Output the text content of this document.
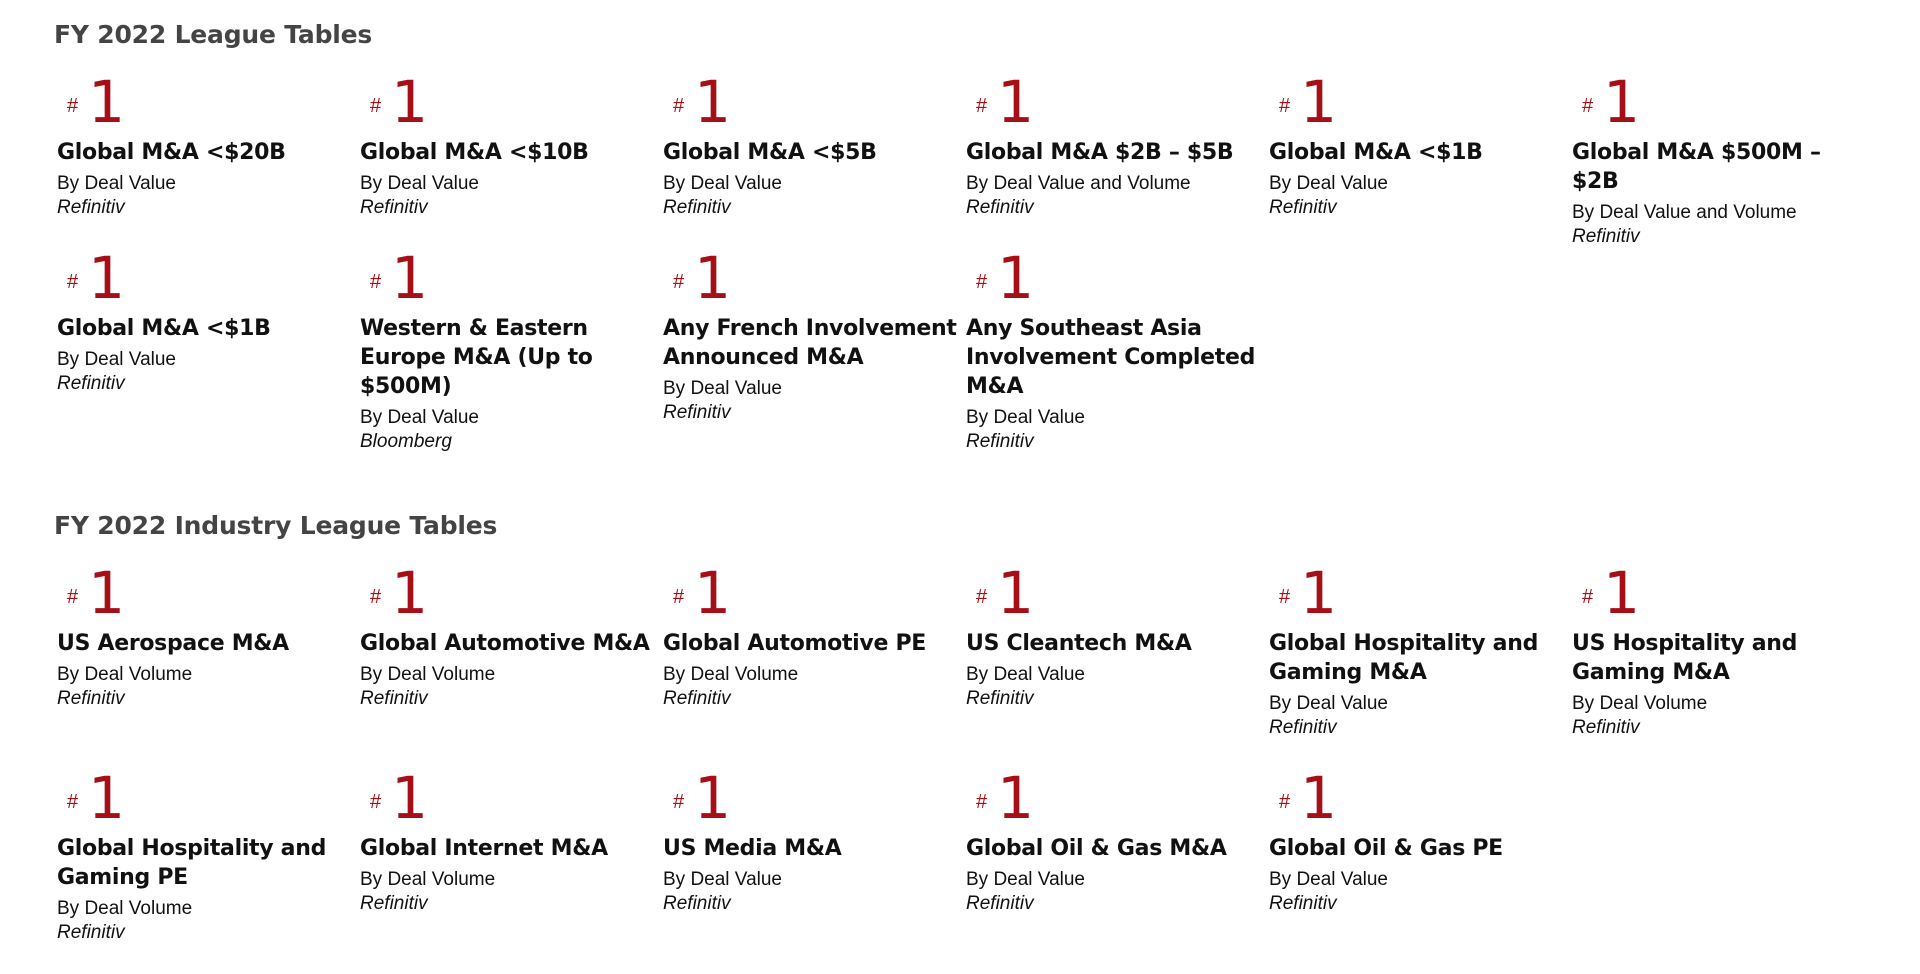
FY 2022 League Tables
# 1
Global M&A <$20B
By Deal Value
Refinitiv
# 1
Global M&A <$10B
By Deal Value
Refinitiv
# 1
Global M&A <$5B
By Deal Value
Refinitiv
# 1
Global M&A $2B – $5B
By Deal Value and Volume
Refinitiv
# 1
Global M&A <$1B
By Deal Value
Refinitiv
# 1
Global M&A $500M – $2B
By Deal Value and Volume
Refinitiv
# 1
Global M&A <$1B
By Deal Value
Refinitiv
# 1
Western & Eastern Europe M&A (Up to $500M)
By Deal Value
Bloomberg
# 1
Any French Involvement Announced M&A
By Deal Value
Refinitiv
# 1
Any Southeast Asia Involvement Completed M&A
By Deal Value
Refinitiv
FY 2022 Industry League Tables
# 1
US Aerospace M&A
By Deal Volume
Refinitiv
# 1
Global Automotive M&A
By Deal Volume
Refinitiv
# 1
Global Automotive PE
By Deal Volume
Refinitiv
# 1
US Cleantech M&A
By Deal Value
Refinitiv
# 1
Global Hospitality and Gaming M&A
By Deal Value
Refinitiv
# 1
US Hospitality and Gaming M&A
By Deal Volume
Refinitiv
# 1
Global Hospitality and Gaming PE
By Deal Volume
Refinitiv
# 1
Global Internet M&A
By Deal Volume
Refinitiv
# 1
US Media M&A
By Deal Value
Refinitiv
# 1
Global Oil & Gas M&A
By Deal Value
Refinitiv
# 1
Global Oil & Gas PE
By Deal Value
Refinitiv
